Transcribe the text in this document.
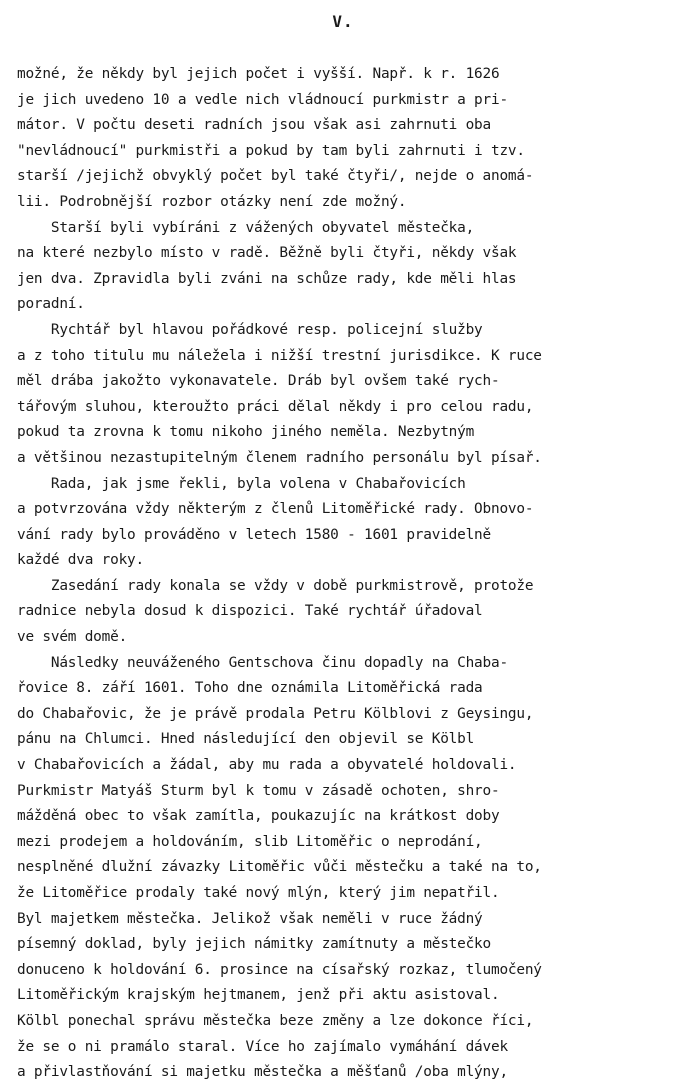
V.
možné, že někdy byl jejich počet i vyšší. Např. k r. 1626
je jich uvedeno 10 a vedle nich vládnoucí purkmistr a pri-
mátor. V počtu deseti radních jsou však asi zahrnuti oba
"nevládnoucí" purkmistři a pokud by tam byli zahrnuti i tzv.
starší /jejichž obvyklý počet byl také čtyři/, nejde o anomá-
lii. Podrobnější rozbor otázky není zde možný.
Starší byli vybíráni z vážených obyvatel městečka,
na které nezbylo místo v radě. Běžně byli čtyři, někdy však
jen dva. Zpravidla byli zváni na schůze rady, kde měli hlas
poradní.
Rychtář byl hlavou pořádkové resp. policejní služby
a z toho titulu mu náležela i nižší trestní jurisdikce. K ruce
měl drába jakožto vykonavatele. Dráb byl ovšem také rych-
tářovým sluhou, kteroužto práci dělal někdy i pro celou radu,
pokud ta zrovna k tomu nikoho jiného neměla. Nezbytným
a většinou nezastupitelným členem radního personálu byl písař.
Rada, jak jsme řekli, byla volena v Chabařovicích
a potvrzována vždy některým z členů Litoměřické rady. Obnovo-
vání rady bylo prováděno v letech 1580 - 1601 pravidelně
každé dva roky.
Zasedání rady konala se vždy v době purkmistrově, protože
radnice nebyla dosud k dispozici. Také rychtář úřadoval
ve svém domě.
Následky neuváženého Gentschova činu dopadly na Chaba-
řovice 8. září 1601. Toho dne oznámila Litoměřická rada
do Chabařovic, že je právě prodala Petru Kölblovi z Geysingu,
pánu na Chlumci. Hned následující den objevil se Kölbl
v Chabařovicích a žádal, aby mu rada a obyvatelé holdovali.
Purkmistr Matyáš Sturm byl k tomu v zásadě ochoten, shro-
mážděná obec to však zamítla, poukazujíc na krátkost doby
mezi prodejem a holdováním, slib Litoměřic o neprodání,
nesplněné dlužní závazky Litoměřic vůči městečku a také na to,
že Litoměřice prodaly také nový mlýn, který jim nepatřil.
Byl majetkem městečka. Jelikož však neměli v ruce žádný
písemný doklad, byly jejich námitky zamítnuty a městečko
donuceno k holdování 6. prosince na císařský rozkaz, tlumočený
Litoměřickým krajským hejtmanem, jenž při aktu asistoval.
Kölbl ponechal správu městečka beze změny a lze dokonce říci,
že se o ni pramálo staral. Více ho zajímalo vymáhání dávek
a přivlastňování si majetku městečka a měšťanů /oba mlýny,
